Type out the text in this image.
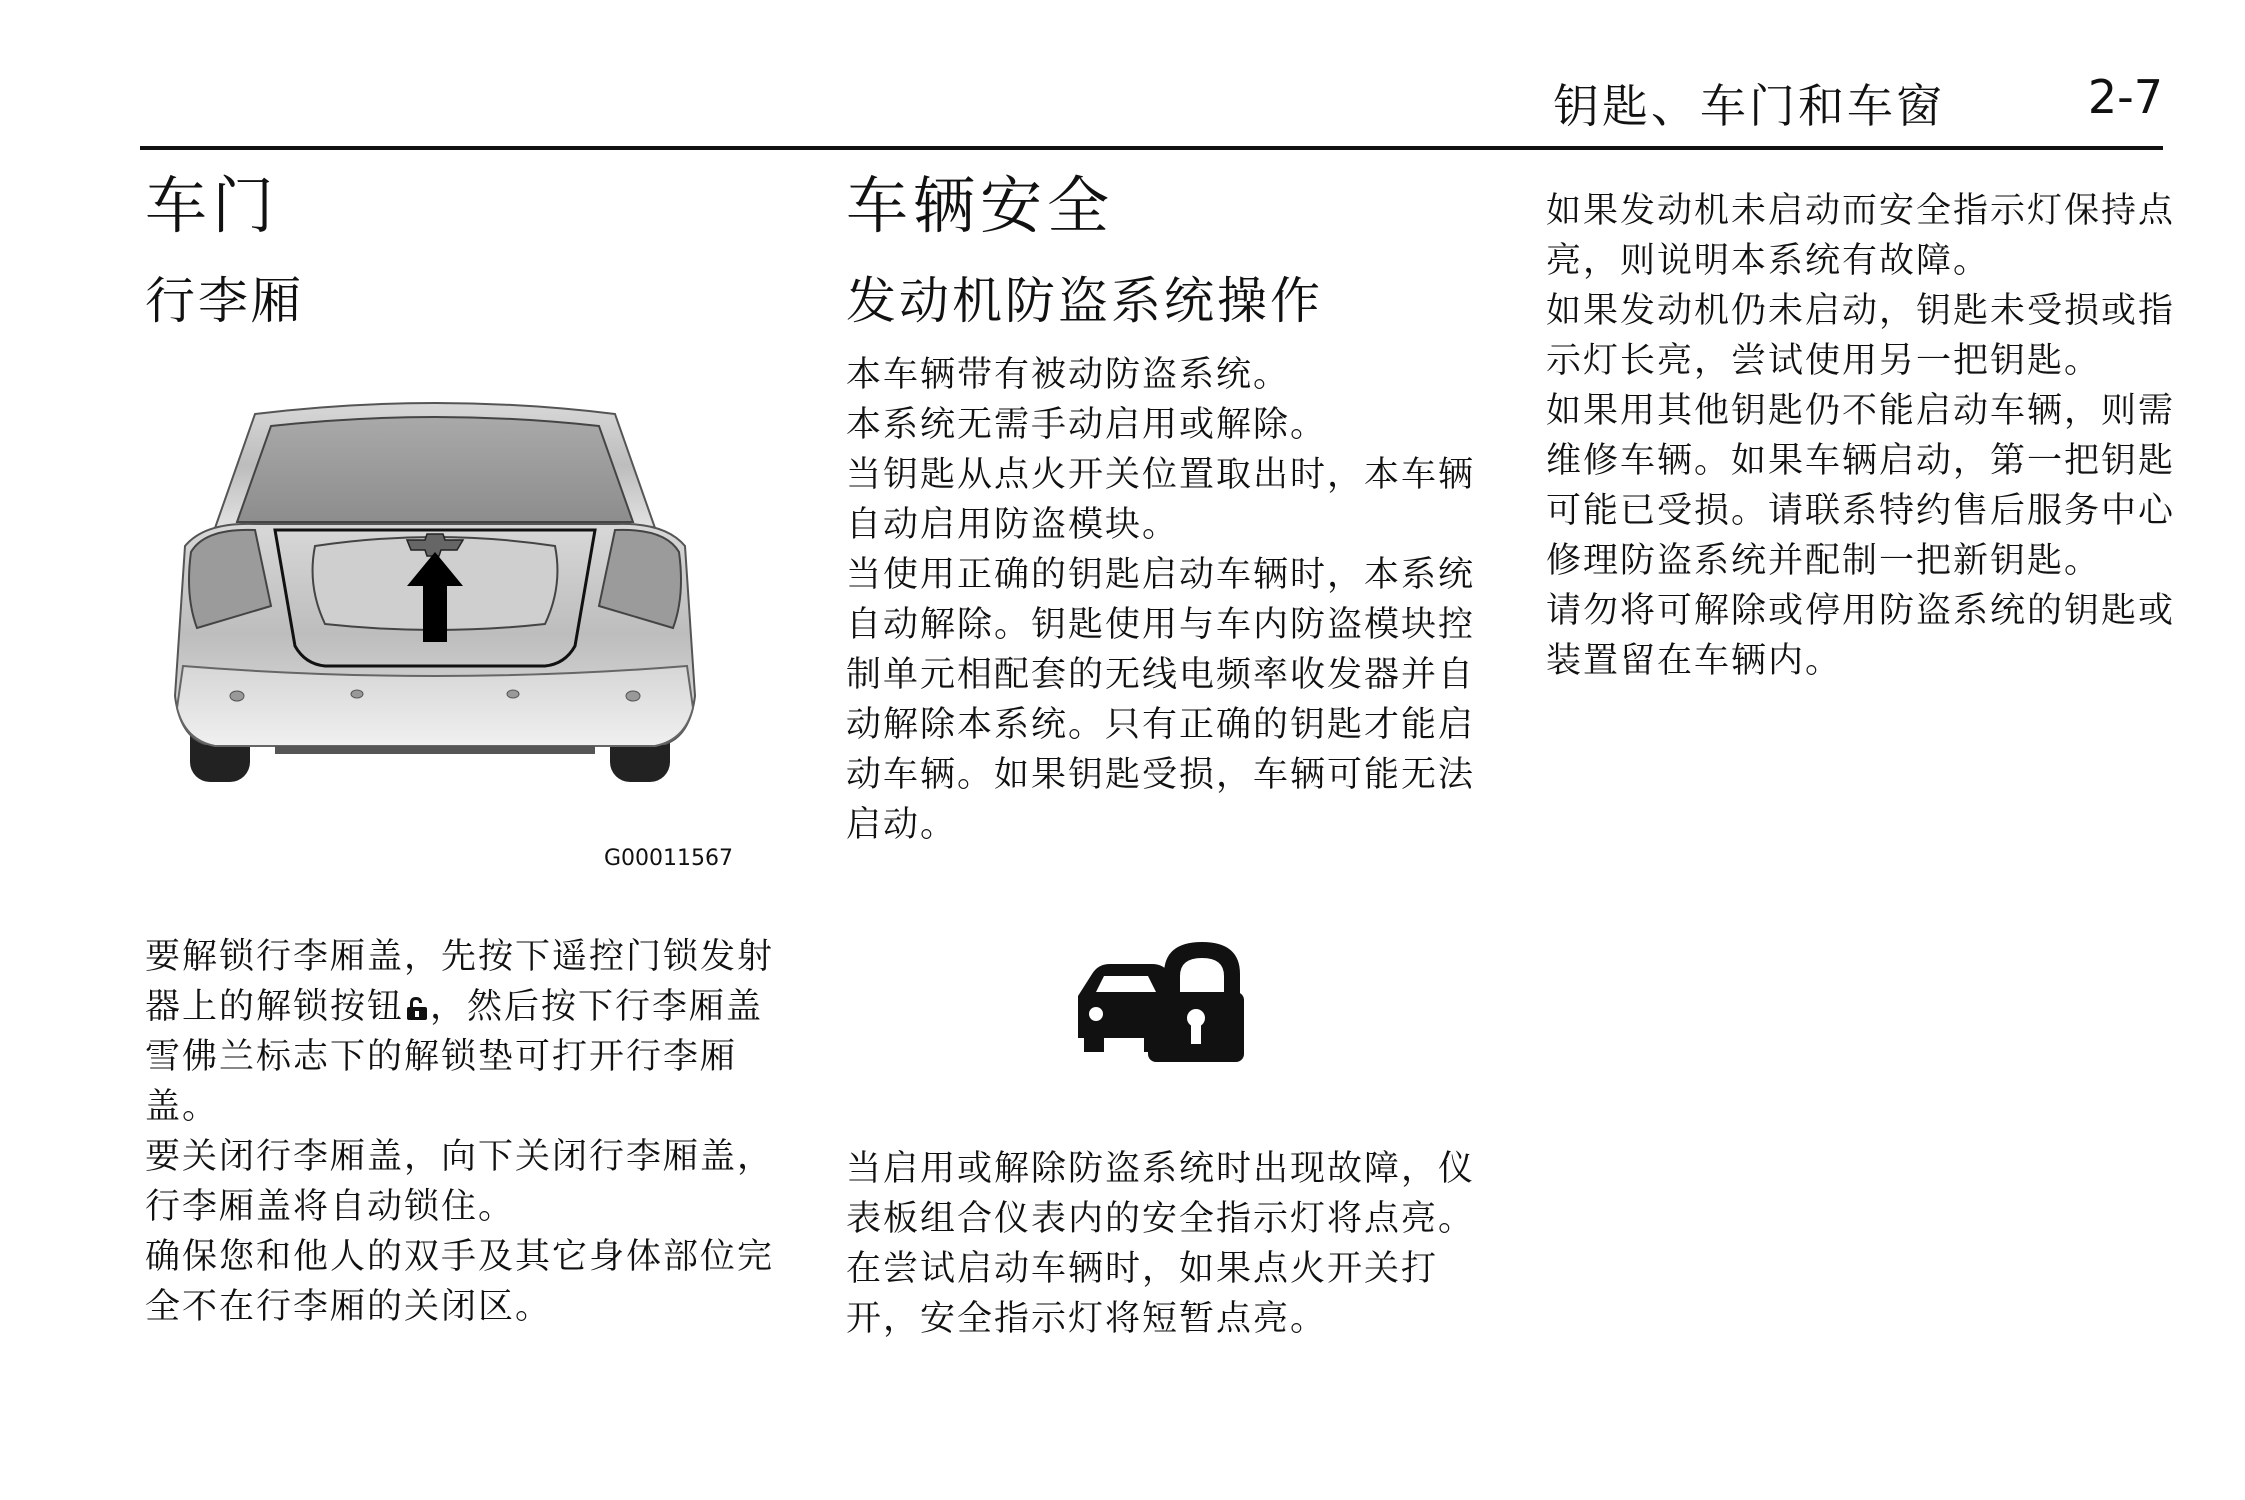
钥匙、车门和车窗	2-7
车门
行李厢
G00011567

要解锁行李厢盖，先按下遥控门锁发射器上的解锁按钮 ，然后按下行李厢盖雪佛兰标志下的解锁垫可打开行李厢盖。

要关闭行李厢盖，向下关闭行李厢盖，行李厢盖将自动锁住。

确保您和他人的双手及其它身体部位完全不在行李厢的关闭区。

车辆安全
发动机防盗系统操作

本车辆带有被动防盗系统。

本系统无需手动启用或解除。

当钥匙从点火开关位置取出时，本车辆自动启用防盗模块。

当使用正确的钥匙启动车辆时，本系统自动解除。钥匙使用与车内防盗模块控制单元相配套的无线电频率收发器并自动解除本系统。只有正确的钥匙才能启动车辆。如果钥匙受损，车辆可能无法启动。

当启用或解除防盗系统时出现故障，仪表板组合仪表内的安全指示灯将点亮。

在尝试启动车辆时，如果点火开关打开，安全指示灯将短暂点亮。

如果发动机未启动而安全指示灯保持点亮，则说明本系统有故障。

如果发动机仍未启动，钥匙未受损或指示灯长亮，尝试使用另一把钥匙。

如果用其他钥匙仍不能启动车辆，则需维修车辆。如果车辆启动，第一把钥匙可能已受损。请联系特约售后服务中心修理防盗系统并配制一把新钥匙。

请勿将可解除或停用防盗系统的钥匙或装置留在车辆内。
